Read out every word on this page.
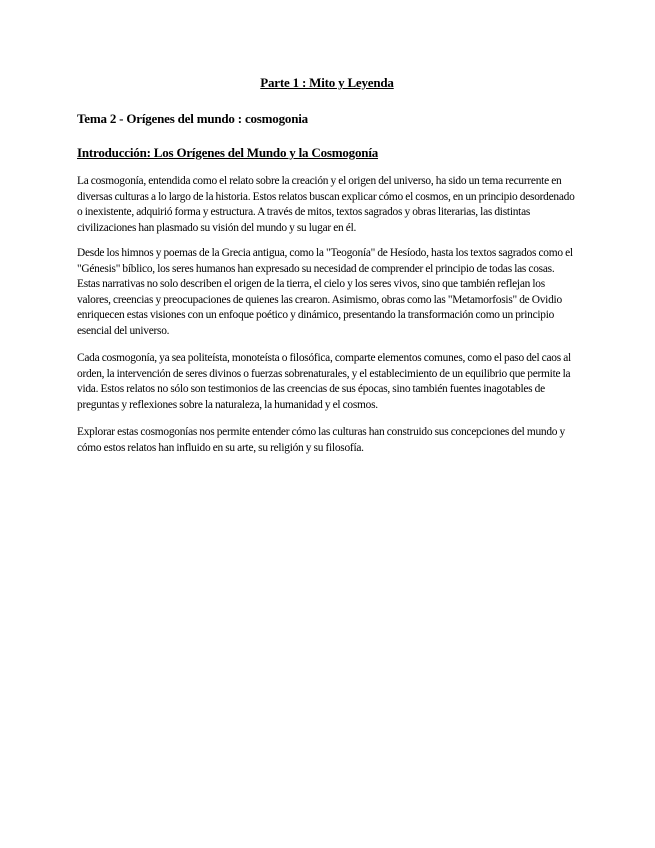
Parte 1 : Mito y Leyenda

Tema 2 - Orígenes del mundo : cosmogonia

Introducción: Los Orígenes del Mundo y la Cosmogonía

La cosmogonía, entendida como el relato sobre la creación y el origen del universo, ha sido un tema recurrente en diversas culturas a lo largo de la historia. Estos relatos buscan explicar cómo el cosmos, en un principio desordenado o inexistente, adquirió forma y estructura. A través de mitos, textos sagrados y obras literarias, las distintas civilizaciones han plasmado su visión del mundo y su lugar en él.

Desde los himnos y poemas de la Grecia antigua, como la "Teogonía" de Hesíodo, hasta los textos sagrados como el "Génesis" bíblico, los seres humanos han expresado su necesidad de comprender el principio de todas las cosas. Estas narrativas no solo describen el origen de la tierra, el cielo y los seres vivos, sino que también reflejan los valores, creencias y preocupaciones de quienes las crearon. Asimismo, obras como las "Metamorfosis" de Ovidio enriquecen estas visiones con un enfoque poético y dinámico, presentando la transformación como un principio esencial del universo.

Cada cosmogonía, ya sea politeísta, monoteísta o filosófica, comparte elementos comunes, como el paso del caos al orden, la intervención de seres divinos o fuerzas sobrenaturales, y el establecimiento de un equilibrio que permite la vida. Estos relatos no sólo son testimonios de las creencias de sus épocas, sino también fuentes inagotables de preguntas y reflexiones sobre la naturaleza, la humanidad y el cosmos.

Explorar estas cosmogonías nos permite entender cómo las culturas han construido sus concepciones del mundo y cómo estos relatos han influido en su arte, su religión y su filosofía.
